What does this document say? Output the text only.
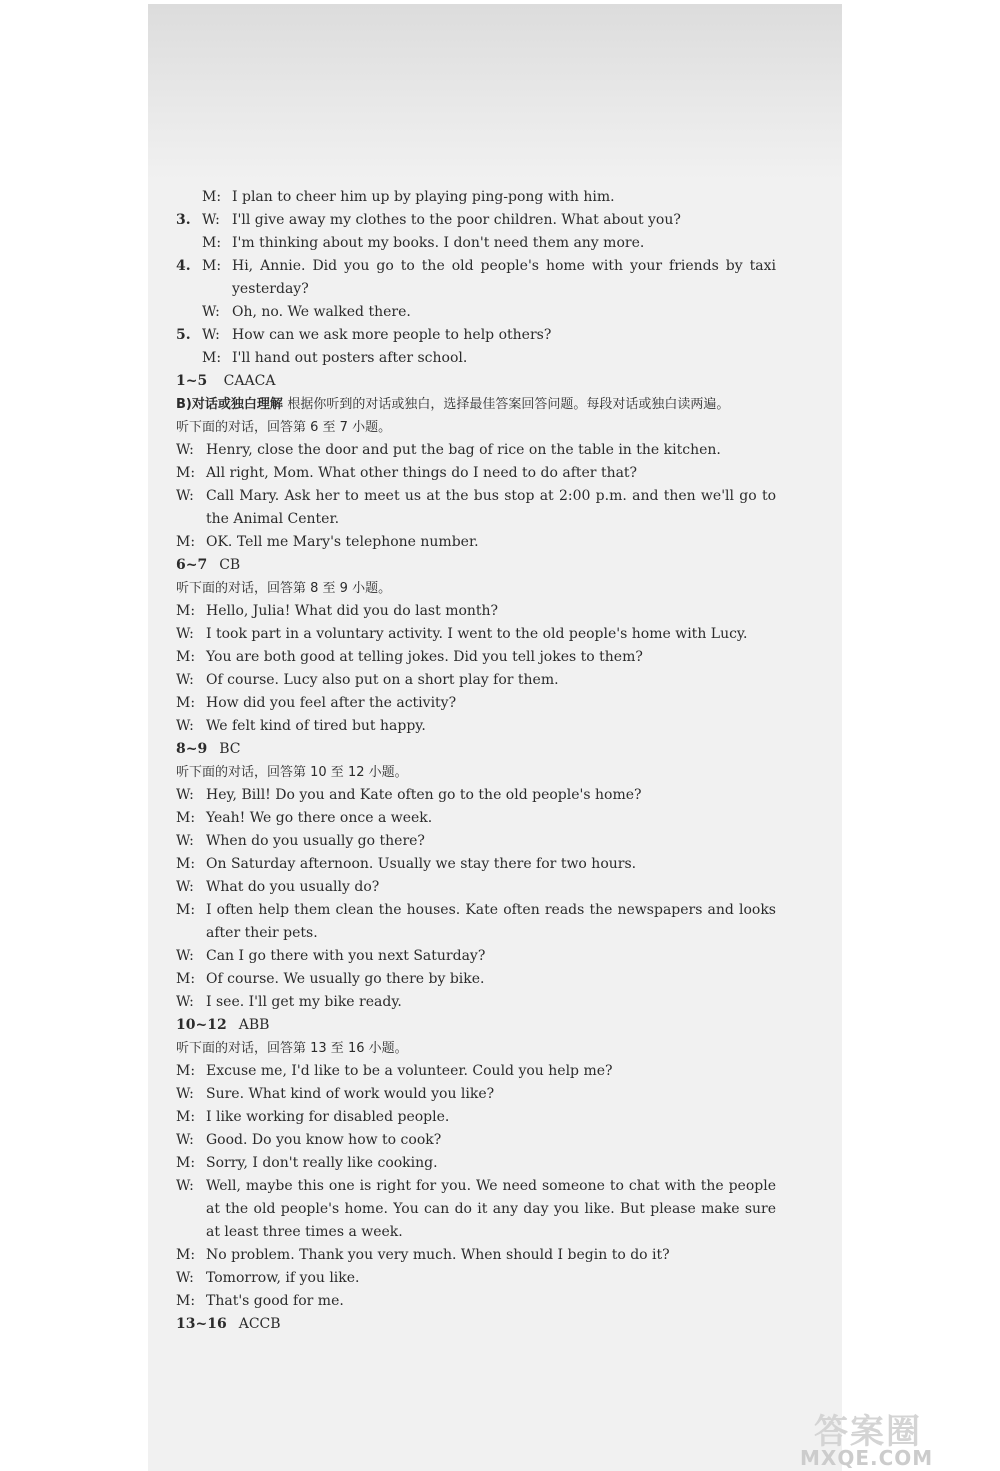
M: I plan to cheer him up by playing ping-pong with him.
3. W: I'll give away my clothes to the poor children. What about you?
M: I'm thinking about my books. I don't need them any more.
4. M: Hi, Annie. Did you go to the old people's home with your friends by taxi yesterday?
W: Oh, no. We walked there.
5. W: How can we ask more people to help others?
M: I'll hand out posters after school.
1~5 CAACA
B)对话或独白理解 根据你听到的对话或独白，选择最佳答案回答问题。每段对话或独白读两遍。
听下面的对话，回答第 6 至 7 小题。
W: Henry, close the door and put the bag of rice on the table in the kitchen.
M: All right, Mom. What other things do I need to do after that?
W: Call Mary. Ask her to meet us at the bus stop at 2:00 p.m. and then we'll go to the Animal Center.
M: OK. Tell me Mary's telephone number.
6~7 CB
听下面的对话，回答第 8 至 9 小题。
M: Hello, Julia! What did you do last month?
W: I took part in a voluntary activity. I went to the old people's home with Lucy.
M: You are both good at telling jokes. Did you tell jokes to them?
W: Of course. Lucy also put on a short play for them.
M: How did you feel after the activity?
W: We felt kind of tired but happy.
8~9 BC
听下面的对话，回答第 10 至 12 小题。
W: Hey, Bill! Do you and Kate often go to the old people's home?
M: Yeah! We go there once a week.
W: When do you usually go there?
M: On Saturday afternoon. Usually we stay there for two hours.
W: What do you usually do?
M: I often help them clean the houses. Kate often reads the newspapers and looks after their pets.
W: Can I go there with you next Saturday?
M: Of course. We usually go there by bike.
W: I see. I'll get my bike ready.
10~12 ABB
听下面的对话，回答第 13 至 16 小题。
M: Excuse me, I'd like to be a volunteer. Could you help me?
W: Sure. What kind of work would you like?
M: I like working for disabled people.
W: Good. Do you know how to cook?
M: Sorry, I don't really like cooking.
W: Well, maybe this one is right for you. We need someone to chat with the people at the old people's home. You can do it any day you like. But please make sure at least three times a week.
M: No problem. Thank you very much. When should I begin to do it?
W: Tomorrow, if you like.
M: That's good for me.
13~16 ACCB
答案圈
MXQE.COM
